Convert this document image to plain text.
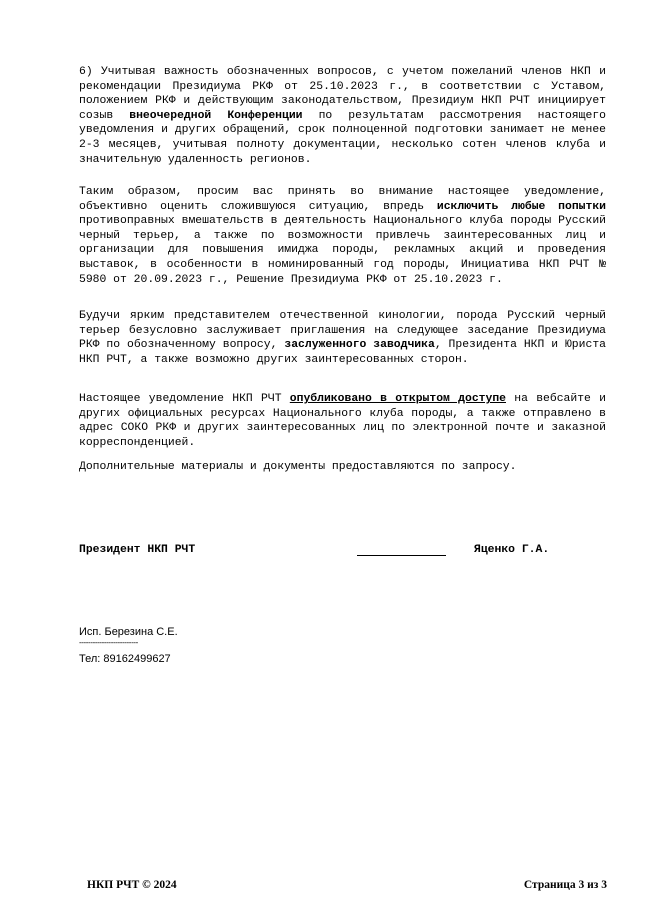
6) Учитывая важность обозначенных вопросов, с учетом пожеланий членов НКП и рекомендации Президиума РКФ от 25.10.2023 г., в соответствии с Уставом, положением РКФ и действующим законодательством, Президиум НКП РЧТ инициирует созыв внеочередной Конференции по результатам рассмотрения настоящего уведомления и других обращений, срок полноценной подготовки занимает не менее 2-3 месяцев, учитывая полноту документации, несколько сотен членов клуба и значительную удаленность регионов.

Таким образом, просим вас принять во внимание настоящее уведомление, объективно оценить сложившуюся ситуацию, впредь исключить любые попытки противоправных вмешательств в деятельность Национального клуба породы Русский черный терьер, а также по возможности привлечь заинтересованных лиц и организации для повышения имиджа породы, рекламных акций и проведения выставок, в особенности в номинированный год породы, Инициатива НКП РЧТ № 5980 от 20.09.2023 г., Решение Президиума РКФ от 25.10.2023 г.

Будучи ярким представителем отечественной кинологии, порода Русский черный терьер безусловно заслуживает приглашения на следующее заседание Президиума РКФ по обозначенному вопросу, заслуженного заводчика, Президента НКП и Юриста НКП РЧТ, а также возможно других заинтересованных сторон.

Настоящее уведомление НКП РЧТ опубликовано в открытом доступе на вебсайте и других официальных ресурсах Национального клуба породы, а также отправлено в адрес СОКО РКФ и других заинтересованных лиц по электронной почте и заказной корреспонденцией.

Дополнительные материалы и документы предоставляются по запросу.

Президент НКП РЧТ	Яценко Г.А.
Исп. Березина С.Е.
--------------------------
Тел: 89162499627
НКП РЧТ © 2024	Страница 3 из 3
